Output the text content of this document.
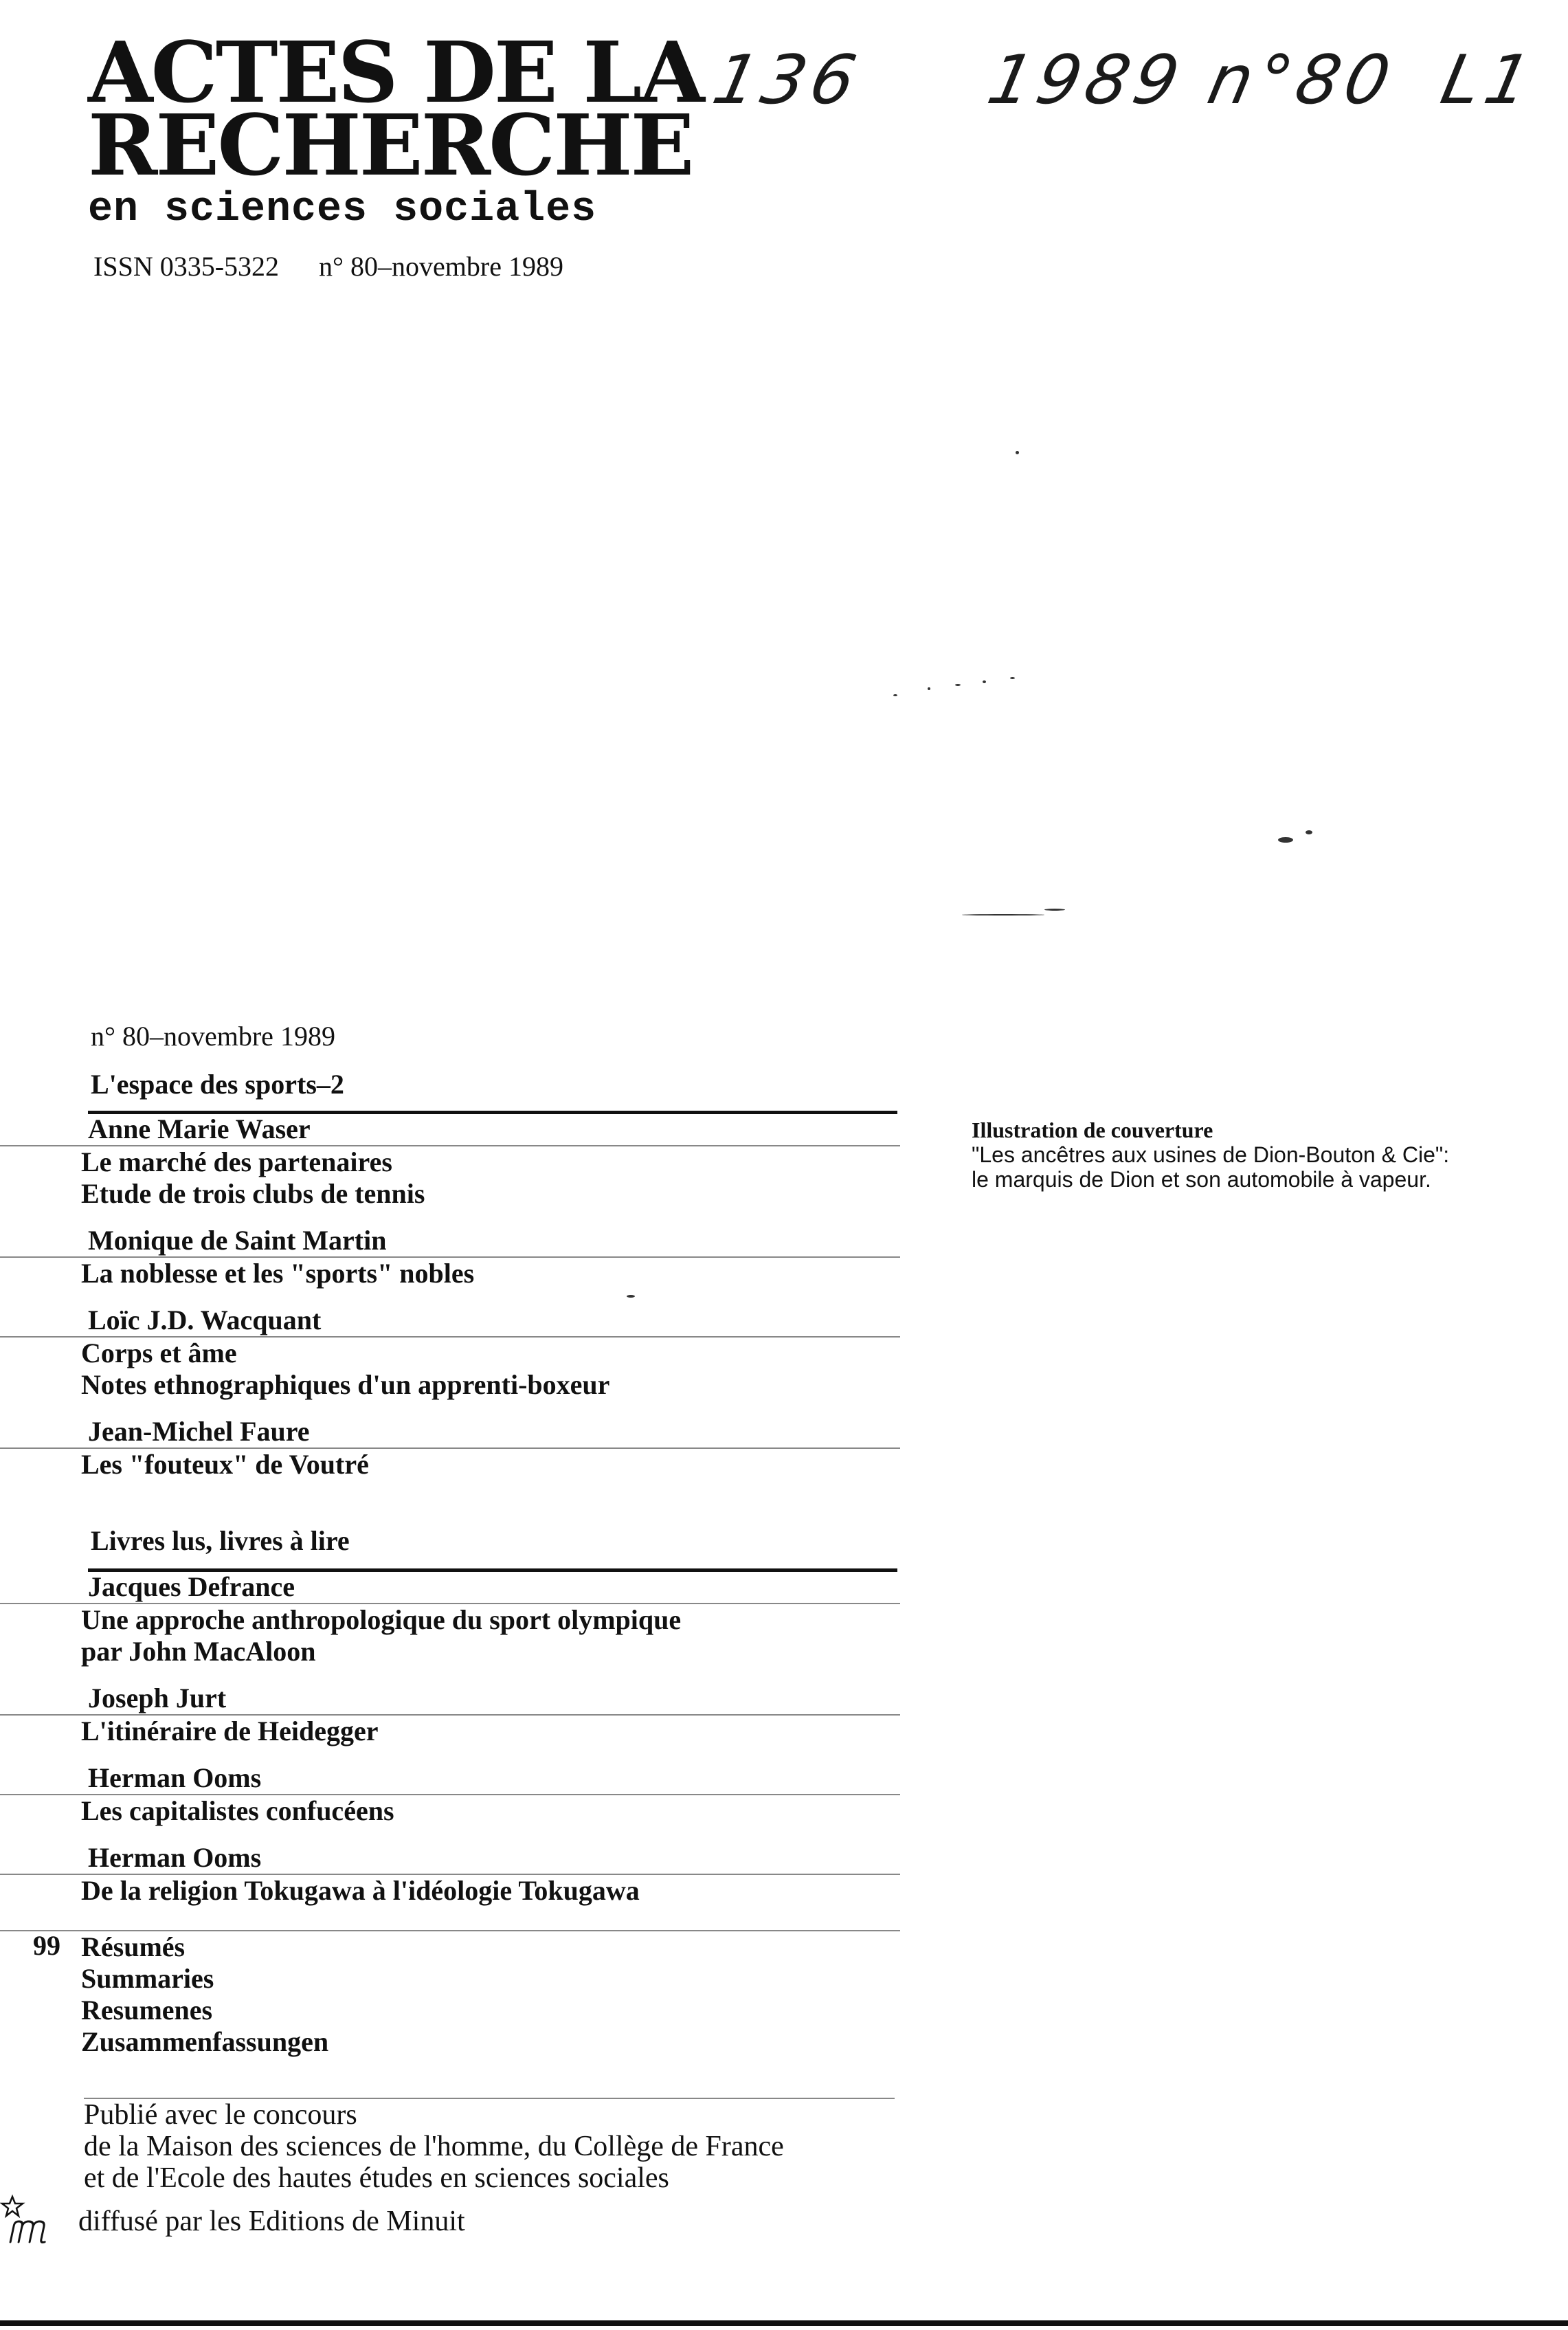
ACTES DE LA
RECHERCHE
en sciences sociales
ISSN 0335-5322 n° 80–novembre 1989
136 1989 n°80 L1
n° 80–novembre 1989
L'espace des sports–2
Anne Marie Waser
Le marché des partenaires
Etude de trois clubs de tennis
Monique de Saint Martin
La noblesse et les "sports" nobles
Loïc J.D. Wacquant
Corps et âme
Notes ethnographiques d'un apprenti-boxeur
Jean-Michel Faure
Les "fouteux" de Voutré
Livres lus, livres à lire
Jacques Defrance
Une approche anthropologique du sport olympique
par John MacAloon
Joseph Jurt
L'itinéraire de Heidegger
Herman Ooms
Les capitalistes confucéens
Herman Ooms
De la religion Tokugawa à l'idéologie Tokugawa
99 Résumés
Summaries
Resumenes
Zusammenfassungen
Publié avec le concours
de la Maison des sciences de l'homme, du Collège de France
et de l'Ecole des hautes études en sciences sociales
diffusé par les Editions de Minuit
Illustration de couverture
"Les ancêtres aux usines de Dion-Bouton & Cie":
le marquis de Dion et son automobile à vapeur.
